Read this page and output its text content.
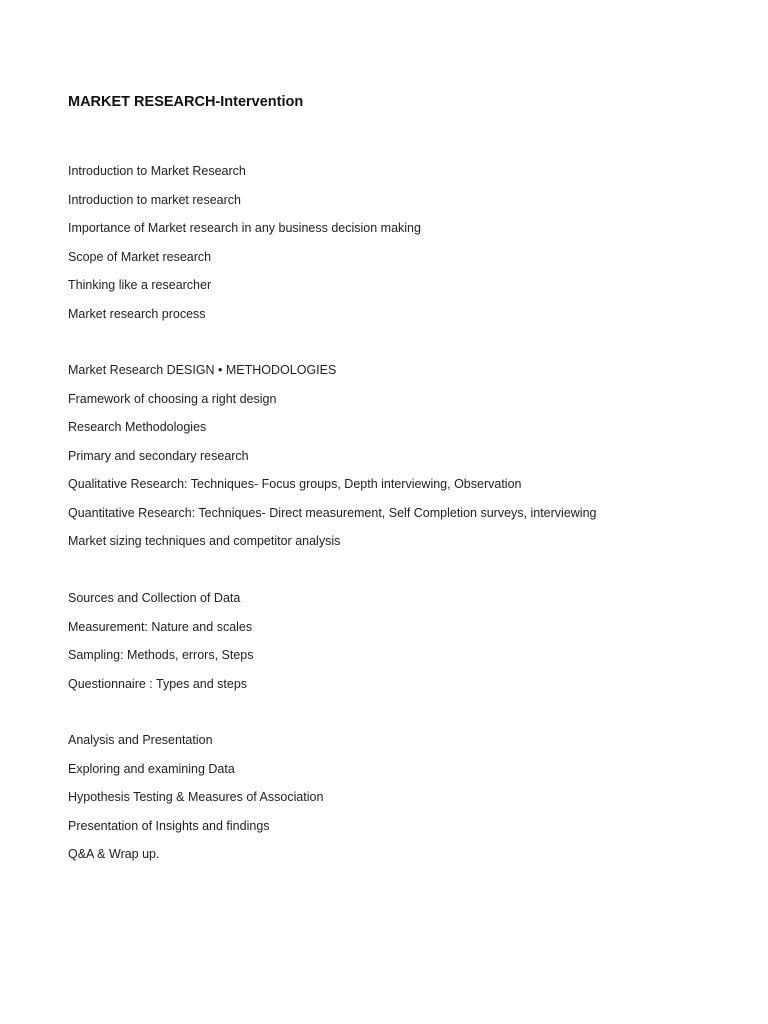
MARKET RESEARCH-Intervention
Introduction to Market Research
Introduction to market research
Importance of Market research in any business decision making
Scope of Market research
Thinking like a researcher
Market research process
Market Research DESIGN • METHODOLOGIES
Framework of choosing a right design
Research Methodologies
Primary and secondary research
Qualitative Research: Techniques- Focus groups, Depth interviewing, Observation
Quantitative Research: Techniques- Direct measurement, Self Completion surveys, interviewing
Market sizing techniques and competitor analysis
Sources and Collection of Data
Measurement: Nature and scales
Sampling: Methods, errors, Steps
Questionnaire : Types and steps
Analysis and Presentation
Exploring and examining Data
Hypothesis Testing & Measures of Association
Presentation of Insights and findings
Q&A & Wrap up.
